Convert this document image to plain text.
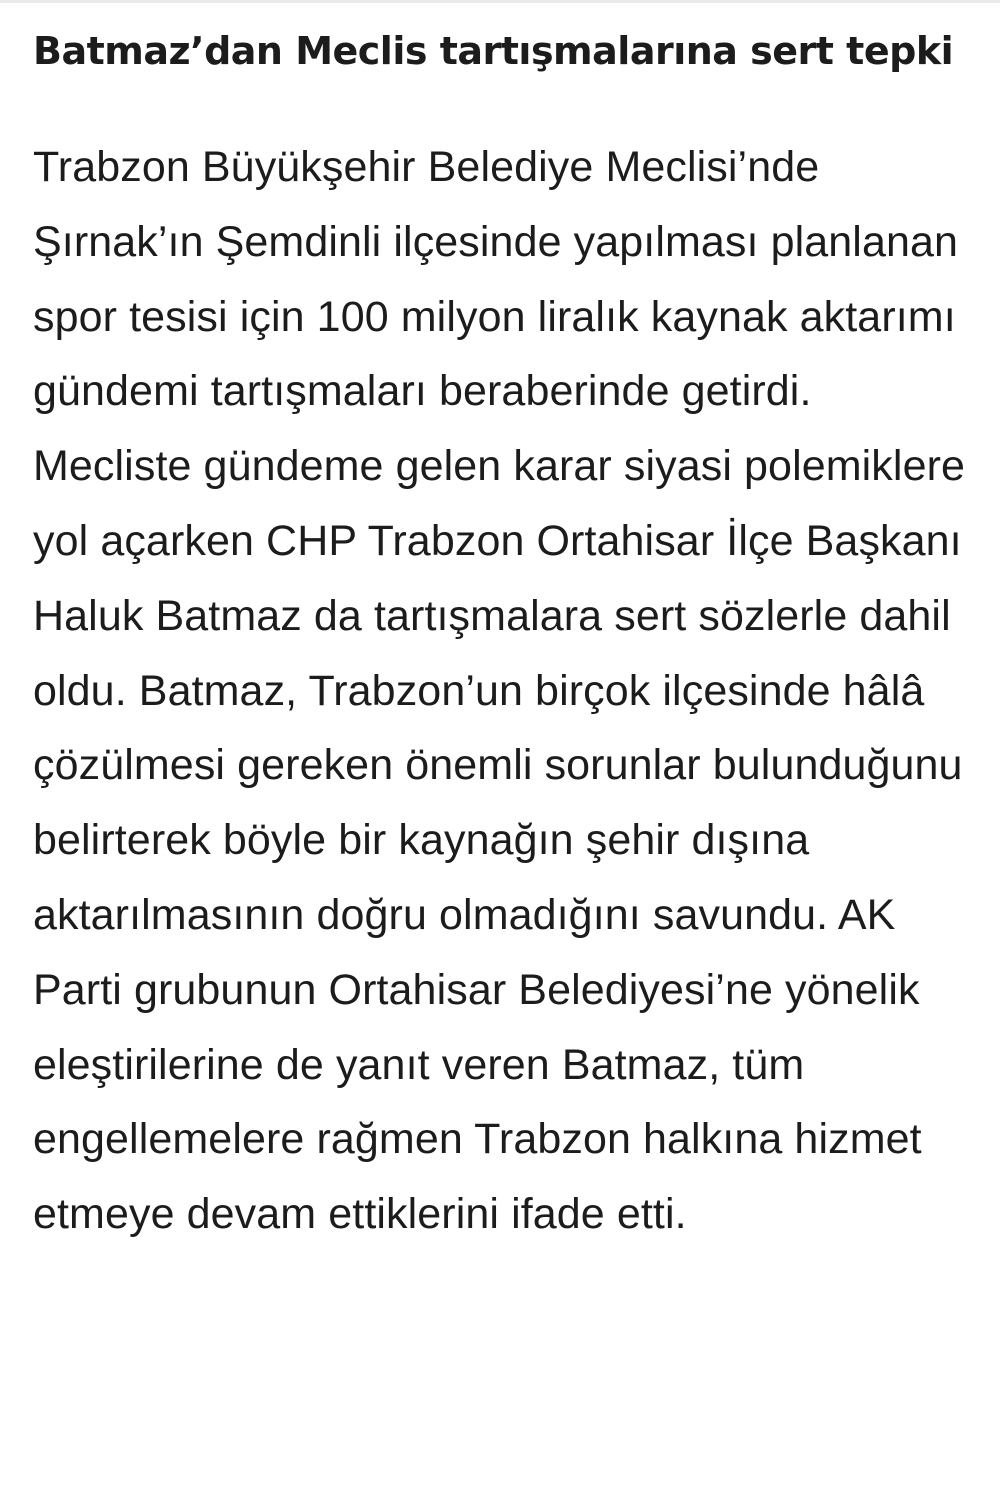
Batmaz’dan Meclis tartışmalarına sert tepki

Trabzon Büyükşehir Belediye Meclisi’nde Şırnak’ın Şemdinli ilçesinde yapılması planlanan spor tesisi için 100 milyon liralık kaynak aktarımı gündemi tartışmaları beraberinde getirdi. Mecliste gündeme gelen karar siyasi polemiklere yol açarken CHP Trabzon Ortahisar İlçe Başkanı Haluk Batmaz da tartışmalara sert sözlerle dahil oldu. Batmaz, Trabzon’un birçok ilçesinde hâlâ çözülmesi gereken önemli sorunlar bulunduğunu belirterek böyle bir kaynağın şehir dışına aktarılmasının doğru olmadığını savundu. AK Parti grubunun Ortahisar Belediyesi’ne yönelik eleştirilerine de yanıt veren Batmaz, tüm engellemelere rağmen Trabzon halkına hizmet etmeye devam ettiklerini ifade etti.
